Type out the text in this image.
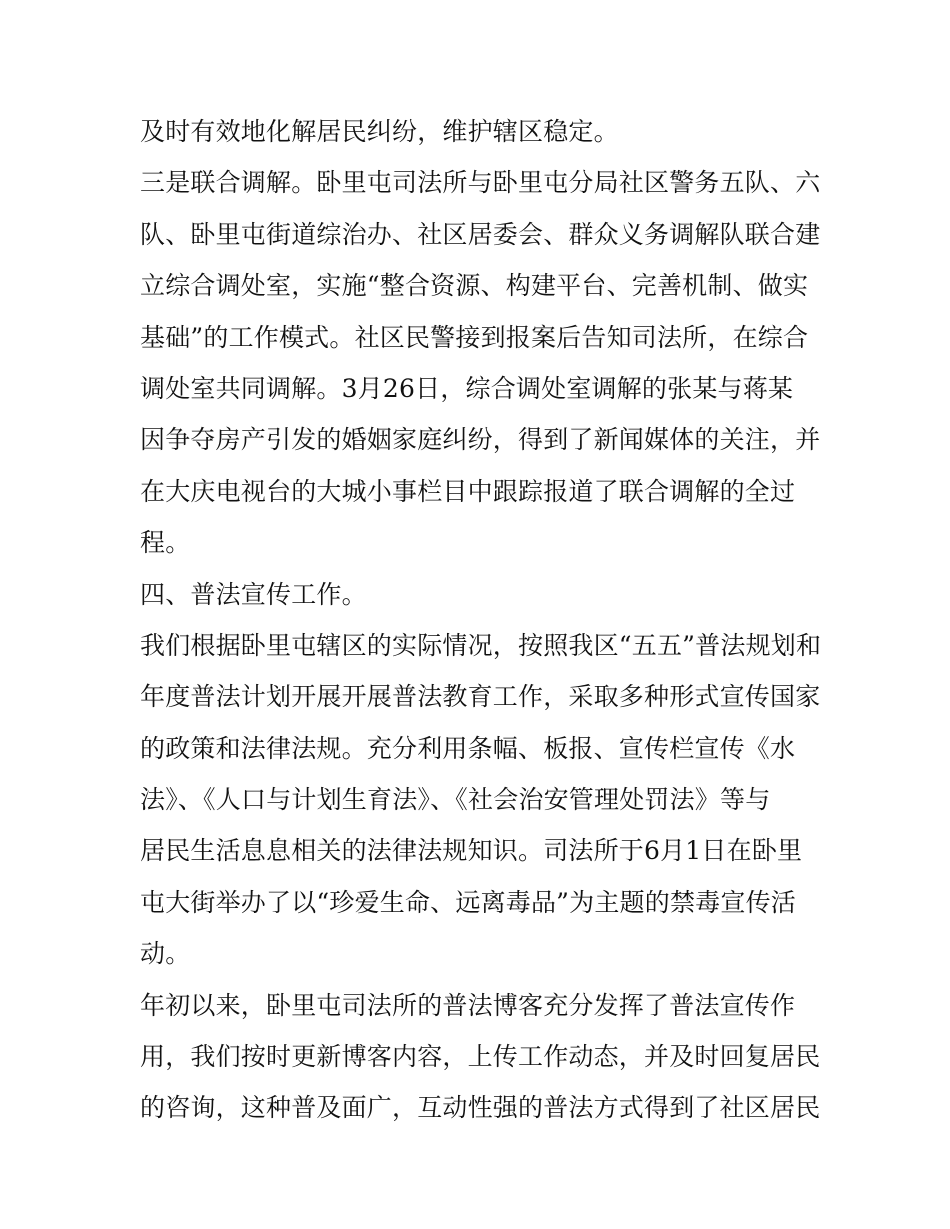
及时有效地化解居民纠纷，维护辖区稳定。
三是联合调解。卧里屯司法所与卧里屯分局社区警务五队、六
队、卧里屯街道综治办、社区居委会、群众义务调解队联合建
立综合调处室，实施“整合资源、构建平台、完善机制、做实
基础”的工作模式。社区民警接到报案后告知司法所，在综合
调处室共同调解。3月26日，综合调处室调解的张某与蒋某
因争夺房产引发的婚姻家庭纠纷，得到了新闻媒体的关注，并
在大庆电视台的大城小事栏目中跟踪报道了联合调解的全过
程。
四、普法宣传工作。
我们根据卧里屯辖区的实际情况，按照我区“五五”普法规划和
年度普法计划开展开展普法教育工作，采取多种形式宣传国家
的政策和法律法规。充分利用条幅、板报、宣传栏宣传《水
法》、《人口与计划生育法》、《社会治安管理处罚法》等与
居民生活息息相关的法律法规知识。司法所于6月1日在卧里
屯大街举办了以“珍爱生命、远离毒品”为主题的禁毒宣传活
动。
年初以来，卧里屯司法所的普法博客充分发挥了普法宣传作
用，我们按时更新博客内容，上传工作动态，并及时回复居民
的咨询，这种普及面广，互动性强的普法方式得到了社区居民
